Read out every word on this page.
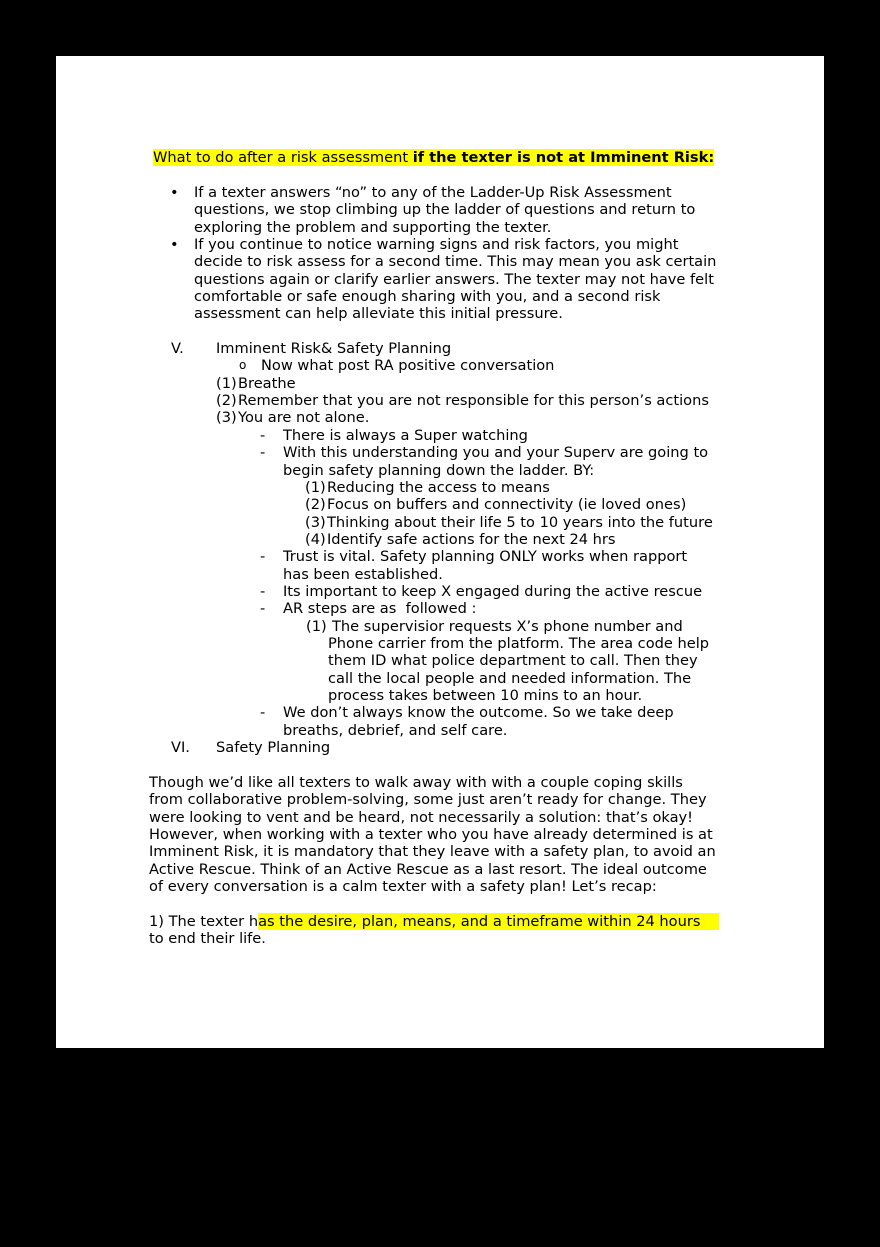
What to do after a risk assessment if the texter is not at Imminent Risk:
• If a texter answers “no” to any of the Ladder-Up Risk Assessment
questions, we stop climbing up the ladder of questions and return to
exploring the problem and supporting the texter.
• If you continue to notice warning signs and risk factors, you might
decide to risk assess for a second time. This may mean you ask certain
questions again or clarify earlier answers. The texter may not have felt
comfortable or safe enough sharing with you, and a second risk
assessment can help alleviate this initial pressure.
V. Imminent Risk& Safety Planning
o Now what post RA positive conversation
(1) Breathe
(2) Remember that you are not responsible for this person’s actions
(3) You are not alone.
- There is always a Super watching
- With this understanding you and your Superv are going to
begin safety planning down the ladder. BY:
(1) Reducing the access to means
(2) Focus on buffers and connectivity (ie loved ones)
(3) Thinking about their life 5 to 10 years into the future
(4) Identify safe actions for the next 24 hrs
- Trust is vital. Safety planning ONLY works when rapport
has been established.
- Its important to keep X engaged during the active rescue
- AR steps are as  followed :
(1) The supervisior requests X’s phone number and
Phone carrier from the platform. The area code help
them ID what police department to call. Then they
call the local people and needed information. The
process takes between 10 mins to an hour.
- We don’t always know the outcome. So we take deep
breaths, debrief, and self care.
VI. Safety Planning
Though we’d like all texters to walk away with with a couple coping skills
from collaborative problem-solving, some just aren’t ready for change. They
were looking to vent and be heard, not necessarily a solution: that’s okay!
However, when working with a texter who you have already determined is at
Imminent Risk, it is mandatory that they leave with a safety plan, to avoid an
Active Rescue. Think of an Active Rescue as a last resort. The ideal outcome
of every conversation is a calm texter with a safety plan! Let’s recap:
1) The texter has the desire, plan, means, and a timeframe within 24 hours
to end their life.
